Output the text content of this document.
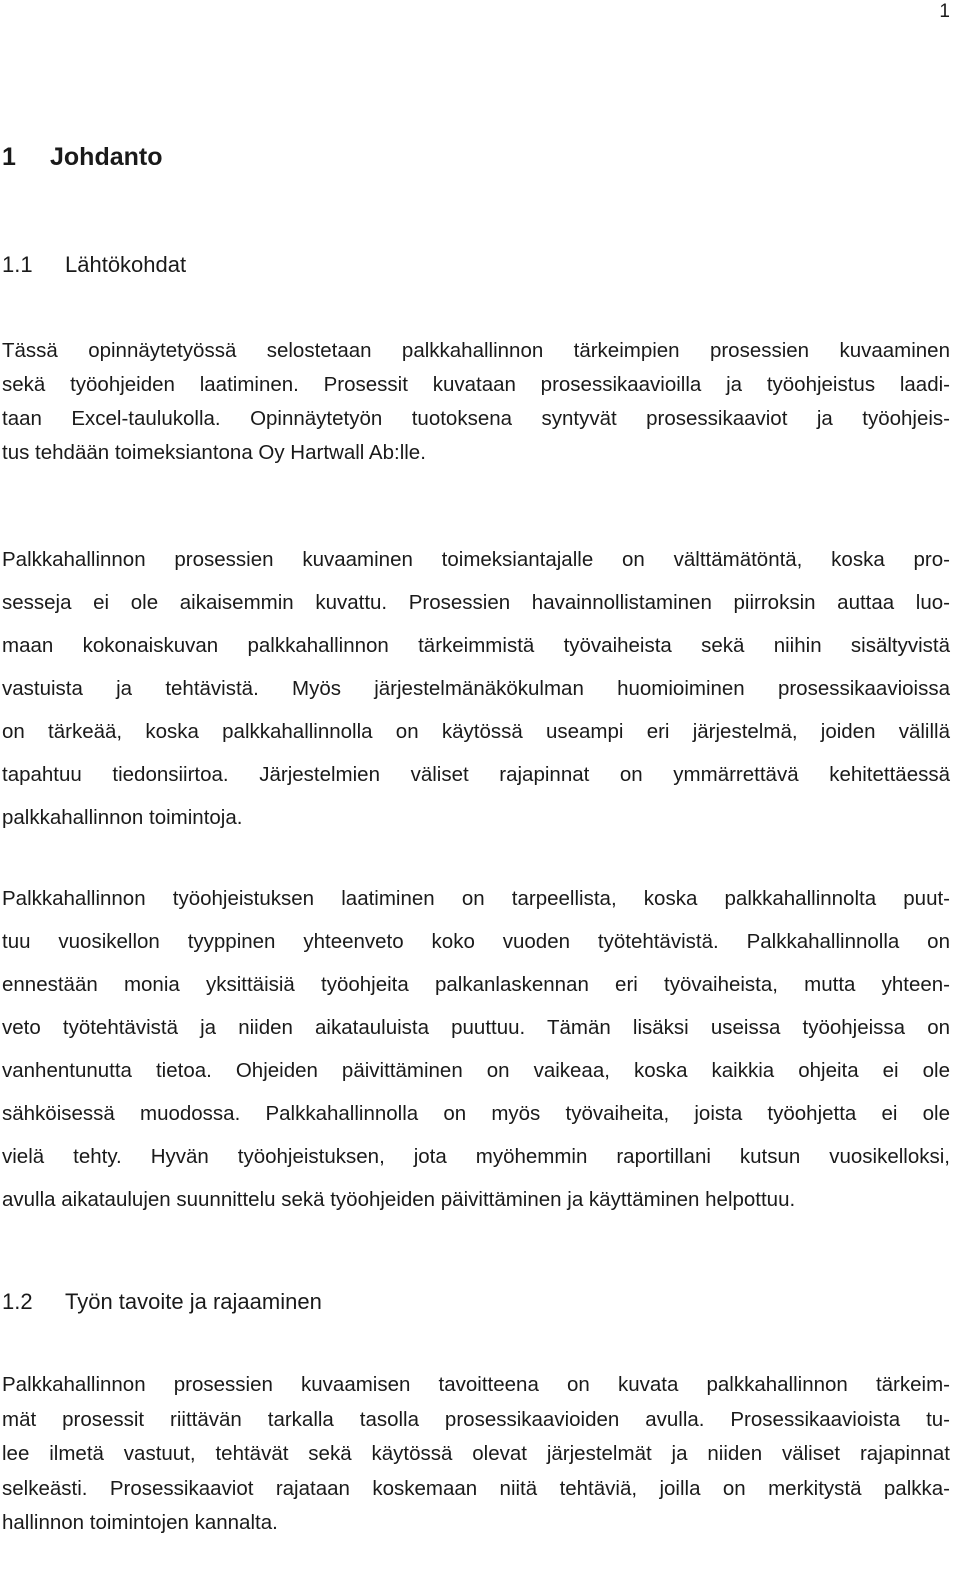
1
1 Johdanto
1.1 Lähtökohdat
Tässä opinnäytetyössä selostetaan palkkahallinnon tärkeimpien prosessien kuvaaminen
sekä työohjeiden laatiminen. Prosessit kuvataan prosessikaavioilla ja työohjeistus laadi-
taan Excel-taulukolla. Opinnäytetyön tuotoksena syntyvät prosessikaaviot ja työohjeis-
tus tehdään toimeksiantona Oy Hartwall Ab:lle.
Palkkahallinnon prosessien kuvaaminen toimeksiantajalle on välttämätöntä, koska pro-
sesseja ei ole aikaisemmin kuvattu. Prosessien havainnollistaminen piirroksin auttaa luo-
maan kokonaiskuvan palkkahallinnon tärkeimmistä työvaiheista sekä niihin sisältyvistä
vastuista ja tehtävistä. Myös järjestelmänäkökulman huomioiminen prosessikaavioissa
on tärkeää, koska palkkahallinnolla on käytössä useampi eri järjestelmä, joiden välillä
tapahtuu tiedonsiirtoa. Järjestelmien väliset rajapinnat on ymmärrettävä kehitettäessä
palkkahallinnon toimintoja.
Palkkahallinnon työohjeistuksen laatiminen on tarpeellista, koska palkkahallinnolta puut-
tuu vuosikellon tyyppinen yhteenveto koko vuoden työtehtävistä. Palkkahallinnolla on
ennestään monia yksittäisiä työohjeita palkanlaskennan eri työvaiheista, mutta yhteen-
veto työtehtävistä ja niiden aikatauluista puuttuu. Tämän lisäksi useissa työohjeissa on
vanhentunutta tietoa. Ohjeiden päivittäminen on vaikeaa, koska kaikkia ohjeita ei ole
sähköisessä muodossa. Palkkahallinnolla on myös työvaiheita, joista työohjetta ei ole
vielä tehty. Hyvän työohjeistuksen, jota myöhemmin raportillani kutsun vuosikelloksi,
avulla aikataulujen suunnittelu sekä työohjeiden päivittäminen ja käyttäminen helpottuu.
1.2 Työn tavoite ja rajaaminen
Palkkahallinnon prosessien kuvaamisen tavoitteena on kuvata palkkahallinnon tärkeim-
mät prosessit riittävän tarkalla tasolla prosessikaavioiden avulla. Prosessikaavioista tu-
lee ilmetä vastuut, tehtävät sekä käytössä olevat järjestelmät ja niiden väliset rajapinnat
selkeästi. Prosessikaaviot rajataan koskemaan niitä tehtäviä, joilla on merkitystä palkka-
hallinnon toimintojen kannalta.
